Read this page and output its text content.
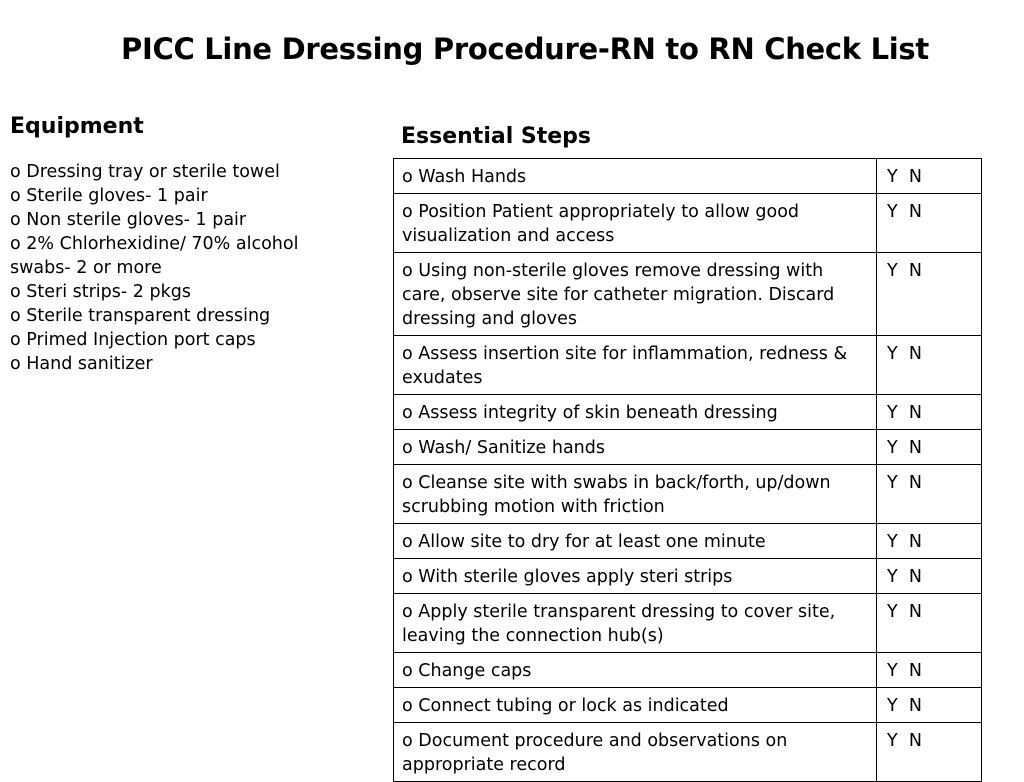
PICC Line Dressing Procedure-RN to RN Check List
Equipment
o Dressing tray or sterile towel
o Sterile gloves- 1 pair
o Non sterile gloves- 1 pair
o 2% Chlorhexidine/ 70% alcohol swabs- 2 or more
o Steri strips- 2 pkgs
o Sterile transparent dressing
o Primed Injection port caps
o Hand sanitizer
Essential Steps
o Wash Hands	Y  N
o Position Patient appropriately to allow good visualization and access	Y  N
o Using non-sterile gloves remove dressing with care, observe site for catheter migration. Discard dressing and gloves	Y  N
o Assess insertion site for inflammation, redness & exudates	Y  N
o Assess integrity of skin beneath dressing	Y  N
o Wash/ Sanitize hands	Y  N
o Cleanse site with swabs in back/forth, up/down scrubbing motion with friction	Y  N
o Allow site to dry for at least one minute	Y  N
o With sterile gloves apply steri strips	Y  N
o Apply sterile transparent dressing to cover site, leaving the connection hub(s)	Y  N
o Change caps	Y  N
o Connect tubing or lock as indicated	Y  N
o Document procedure and observations on appropriate record	Y  N
